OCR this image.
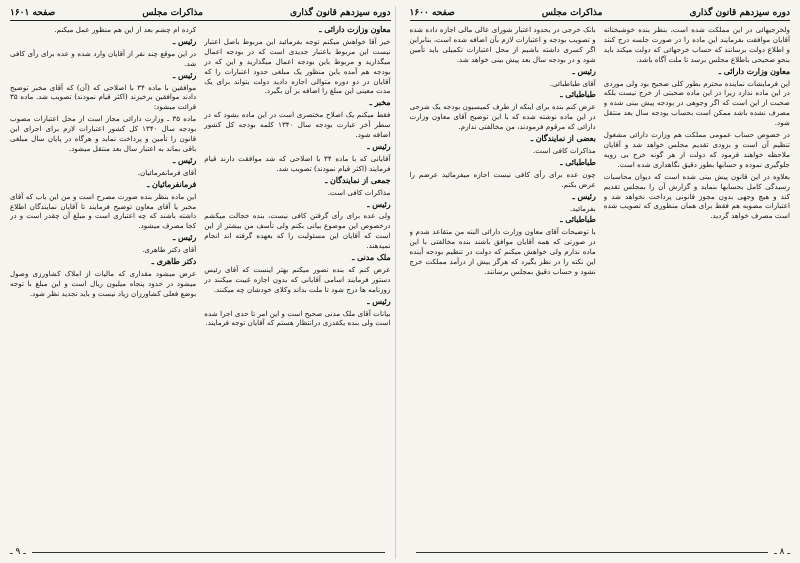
دوره سیزدهم قانون گذاری
مذاکرات مجلس
صفحه ۱۶۰۱

معاون وزارت دارائی ـ

خیر آقا خواهش میکنم توجه بفرمائید این مربوط باصل اعتبار نیست این مربوط باعتبار جدیدی است که در بودجه اعمال میگذارید و مربوط باین بودجه اعمال میگذارید و این که در بودجه هم آمده باین منظور یک مبلغی حدود اعتبارات را که آقایان در دو دوره متوالی اجازه دادید دولت بتواند برای یک مدت معینی این مبلغ را اضافه بر آن بگیرد.

مخبر ـ

فقط میکنم یک اصلاح مختصری است در این ماده بشود که در سطر آخر عبارت بودجه سال ۱۳۴۰ کلمه بودجه کل کشور اضافه شود.

رئیس ـ

آقایانی که با ماده ۳۴ با اصلاحی که شد موافقت دارند قیام فرمایند (اکثر قیام نمودند) تصویب شد.

جمعی از نمایندگان ـ

مذاکرات کافی است.

رئیس ـ

ولی عده برای رأی گرفتن کافی نیست، بنده خجالت میکشم درخصوص این موضوع بیانی بکنم ولی تأسف من بیشتر از این است که آقایان این مسئولیت را که بعهده گرفته اند انجام نمیدهند.

ملک مدنی ـ

عرض کنم که بنده تصور میکنم بهتر اینست که آقای رئیس دستور فرمایند اسامی آقایانی که بدون اجازه غیبت میکنند در روزنامه ها درج شود تا ملت بداند وکلای خودشان چه میکنند.

رئیس ـ

بیانات آقای ملک مدنی صحیح است و این امر تا حدی اجرا شده است ولی بنده یکقدری درانتظار هستم که آقایان توجه فرمایند.

کرده ام چشم بعد از این هم منظور عمل میکنم.

رئیس ـ

در این موقع چند نفر از آقایان وارد شده و عده برای رأی کافی شد.

رئیس ـ

موافقین با ماده ۳۴ با اصلاحی که (آن) که آقای مخبر توضیح دادند موافقین برخیزند (اکثر قیام نمودند) تصویب شد. ماده ۳۵ قرائت میشود:

ماده ۳۵ ـ وزارت دارائی مجاز است از محل اعتبارات مصوب بودجه سال ۱۳۴۰ کل کشور اعتبارات لازم برای اجرای این قانون را تأمین و پرداخت نماید و هرگاه در پایان سال مبلغی باقی بماند به اعتبار سال بعد منتقل میشود.

رئیس ـ

آقای فرمانفرمائیان.

فرمانفرمائیان ـ

این ماده بنظر بنده صورت مصرح است و من این باب که آقای مخبر یا آقای معاون توضیح فرمایند تا آقایان نمایندگان اطلاع داشته باشند که چه اعتباری است و مبلغ آن چقدر است و در کجا مصرف میشود.

رئیس ـ

آقای دکتر طاهری.

دکتر طاهری ـ

عرض میشود مقداری که مالیات از املاک کشاورزی وصول میشود در حدود پنجاه میلیون ریال است و این مبلغ با توجه بوضع فعلی کشاورزان زیاد نیست و باید تجدید نظر شود.

ـ ۹ ـ
دوره سیزدهم قانون گذاری
مذاکرات مجلس
صفحه ۱۶۰۰

ولخرجیهائی در این مملکت شده است، بنظر بنده خوشبختانه آقایان موافقت بفرمایند این ماده را در صورت جلسه درج کنند و اطلاع دولت برسانند که حساب خرجهائی که دولت میکند باید بنحو صحیحی باطلاع مجلس برسد تا ملت آگاه باشد.

معاون وزارت دارائی ـ

این فرمایشات نماینده محترم بطور کلی صحیح بود ولی موردی در این ماده ندارد زیرا در این ماده صحبتی از خرج نیست بلکه صحبت از این است که اگر وجوهی در بودجه پیش بینی شده و مصرف نشده باشد ممکن است بحساب بودجه سال بعد منتقل شود.

در خصوص حساب عمومی مملکت هم وزارت دارائی مشغول تنظیم آن است و بزودی تقدیم مجلس خواهد شد و آقایان ملاحظه خواهند فرمود که دولت از هر گونه خرج بی رویه جلوگیری نموده و حسابها بطور دقیق نگاهداری شده است.

بعلاوه در این قانون پیش بینی شده است که دیوان محاسبات رسیدگی کامل بحسابها بنماید و گزارش آن را بمجلس تقدیم کند و هیچ وجهی بدون مجوز قانونی پرداخت نخواهد شد و اعتبارات مصوبه هم فقط برای همان منظوری که تصویب شده است مصرف خواهد گردید.

بانک خرجی در بحدود اعتبار شورای عالی مالی اجازه داده شده و تصویب بودجه و اعتبارات لازم بآن اضافه شده است، بنابراین اگر کسری داشته باشیم از محل اعتبارات تکمیلی باید تأمین شود و در بودجه سال بعد پیش بینی خواهد شد.

رئیس ـ

آقای طباطبائی.

طباطبائی ـ

عرض کنم بنده برای اینکه از طرف کمیسیون بودجه یک شرحی در این ماده نوشته شده که با این توضیح آقای معاون وزارت دارائی که مرقوم فرمودند، من مخالفتی ندارم.

بعضی از نمایندگان ـ

مذاکرات کافی است.

طباطبائی ـ

چون عده برای رأی کافی نیست اجازه میفرمائید عرضم را عرض بکنم.

رئیس ـ

بفرمائید.

طباطبائی ـ

با توضیحات آقای معاون وزارت دارائی البته من متقاعد شدم و در صورتی که همه آقایان موافق باشند بنده مخالفتی با این ماده ندارم ولی خواهش میکنم که دولت در تنظیم بودجه آینده این نکته را در نظر بگیرد که هرگز بیش از درآمد مملکت خرج نشود و حساب دقیق بمجلس برسانند.

ـ ۸ ـ
